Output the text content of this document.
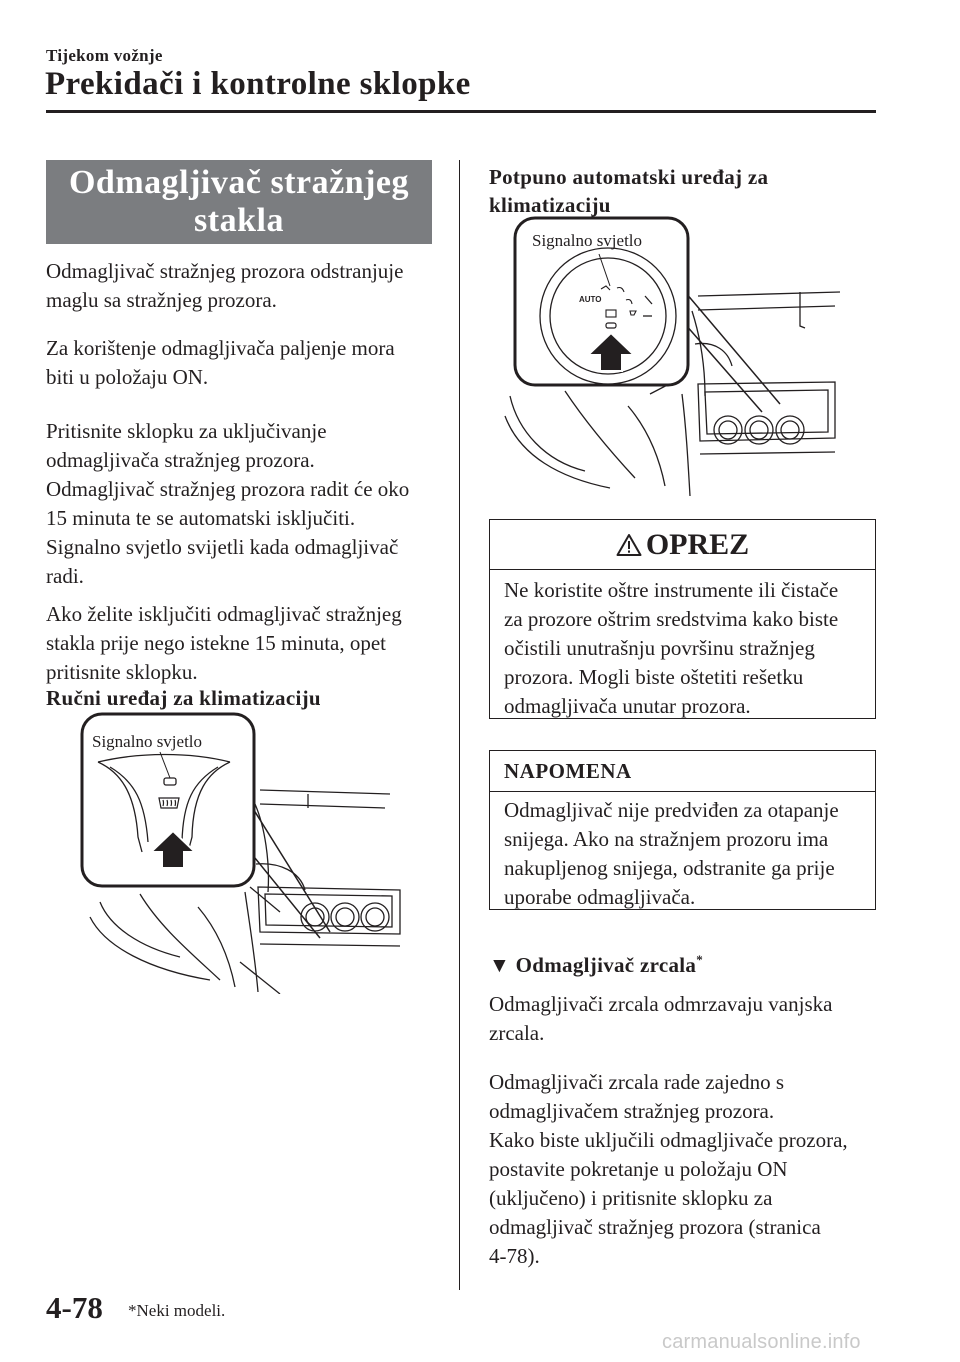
Tijekom vožnje
Prekidači i kontrolne sklopke
Odmagljivač stražnjeg
stakla
Odmagljivač stražnjeg prozora odstranjuje
maglu sa stražnjeg prozora.
Za korištenje odmagljivača paljenje mora
biti u položaju ON.
Pritisnite sklopku za uključivanje
odmagljivača stražnjeg prozora.
Odmagljivač stražnjeg prozora radit će oko
15 minuta te se automatski isključiti.
Signalno svjetlo svijetli kada odmagljivač
radi.
Ako želite isključiti odmagljivač stražnjeg
stakla prije nego istekne 15 minuta, opet
pritisnite sklopku.
Ručni uređaj za klimatizaciju
Signalno svjetlo
Potpuno automatski uređaj za
klimatizaciju
AUTO
Signalno svjetlo
OPREZ
Ne koristite oštre instrumente ili čistače
za prozore oštrim sredstvima kako biste
očistili unutrašnju površinu stražnjeg
prozora. Mogli biste oštetiti rešetku
odmagljivača unutar prozora.
NAPOMENA
Odmagljivač nije predviđen za otapanje
snijega. Ako na stražnjem prozoru ima
nakupljenog snijega, odstranite ga prije
uporabe odmagljivača.
▼ Odmagljivač zrcala*
Odmagljivači zrcala odmrzavaju vanjska
zrcala.
Odmagljivači zrcala rade zajedno s
odmagljivačem stražnjeg prozora.
Kako biste uključili odmagljivače prozora,
postavite pokretanje u položaju ON
(uključeno) i pritisnite sklopku za
odmagljivač stražnjeg prozora (stranica
4-78).
4-78 *Neki modeli.
carmanualsonline.info
